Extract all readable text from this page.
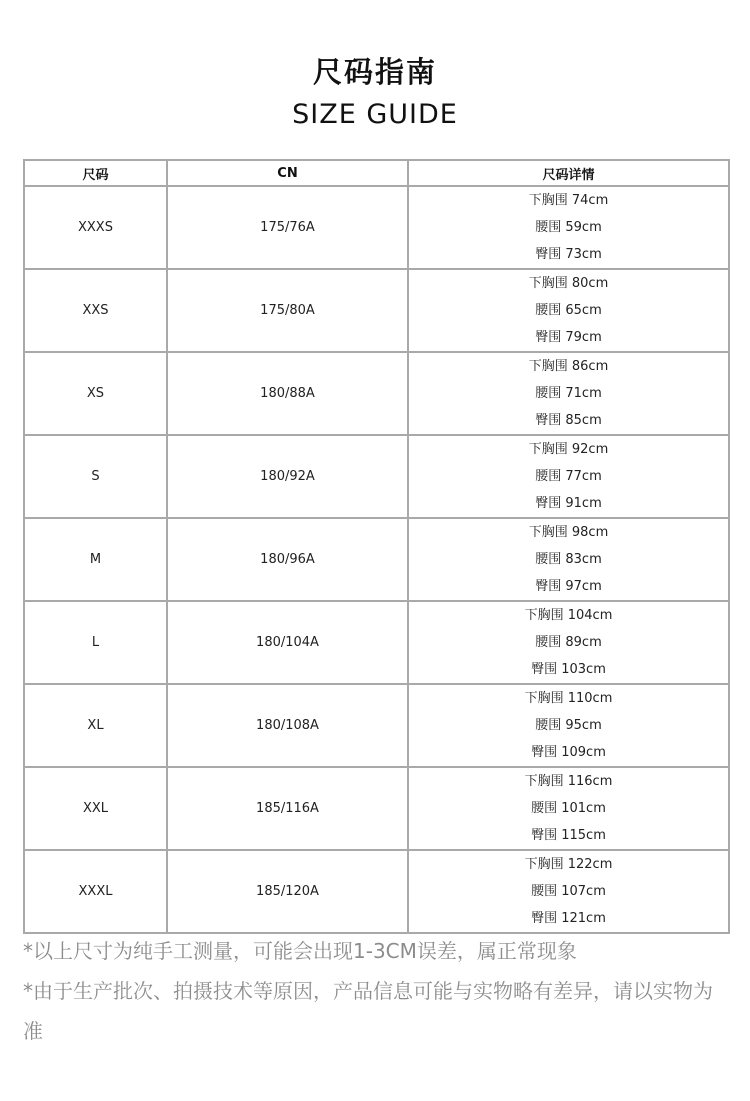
尺码指南
SIZE GUIDE
尺码	CN	尺码详情
XXXS	175/76A	下胸围 74cm
腰围 59cm
臀围 73cm

XXS	175/80A	下胸围 80cm
腰围 65cm
臀围 79cm

XS	180/88A	下胸围 86cm
腰围 71cm
臀围 85cm

S	180/92A	下胸围 92cm
腰围 77cm
臀围 91cm

M	180/96A	下胸围 98cm
腰围 83cm
臀围 97cm

L	180/104A	下胸围 104cm
腰围 89cm
臀围 103cm

XL	180/108A	下胸围 110cm
腰围 95cm
臀围 109cm

XXL	185/116A	下胸围 116cm
腰围 101cm
臀围 115cm

XXXL	185/120A	下胸围 122cm
腰围 107cm
臀围 121cm
*以上尺寸为纯手工测量，可能会出现1-3CM误差，属正常现象
*由于生产批次、拍摄技术等原因，产品信息可能与实物略有差异，请以实物为准
